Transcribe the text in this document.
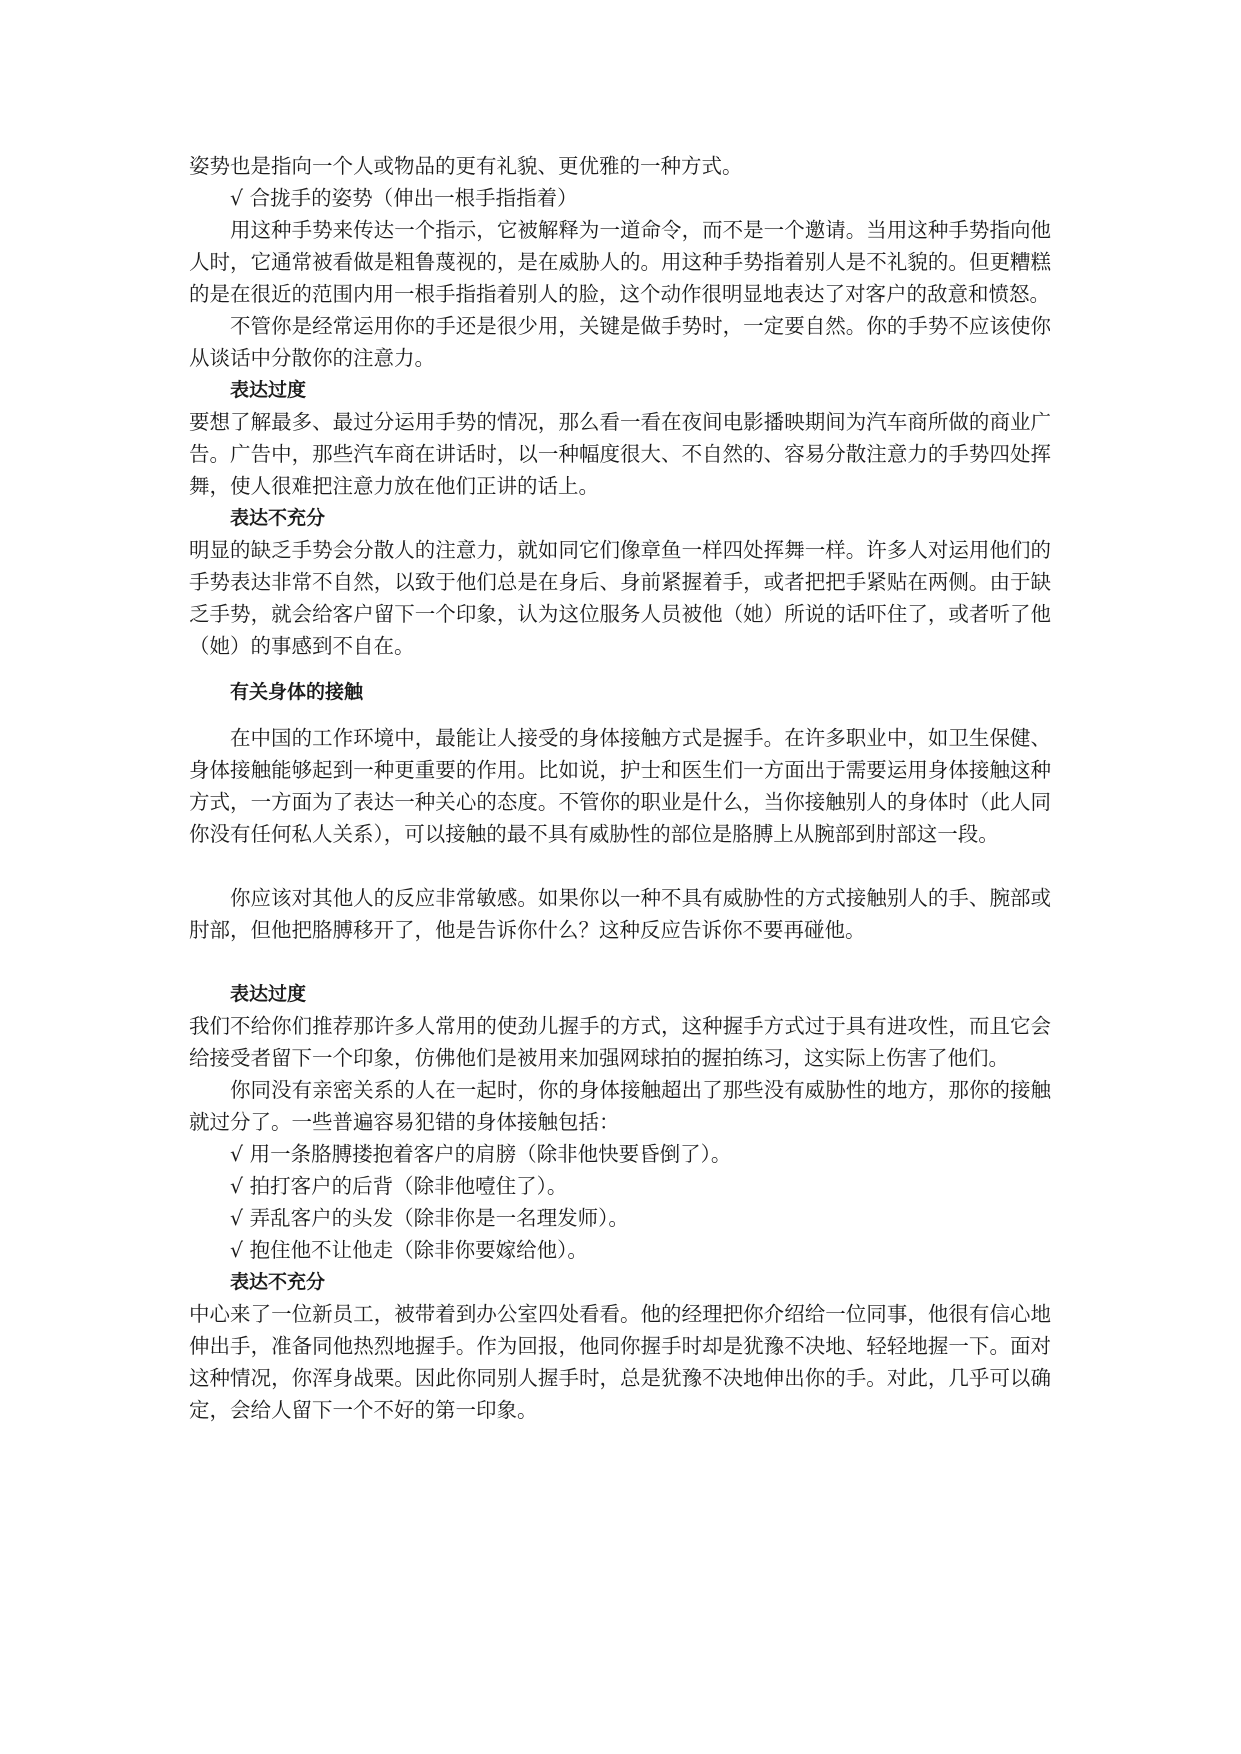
姿势也是指向一个人或物品的更有礼貌、更优雅的一种方式。

√ 合拢手的姿势（伸出一根手指指着）

用这种手势来传达一个指示，它被解释为一道命令，而不是一个邀请。当用这种手势指向他人时，它通常被看做是粗鲁蔑视的，是在威胁人的。用这种手势指着别人是不礼貌的。但更糟糕的是在很近的范围内用一根手指指着别人的脸，这个动作很明显地表达了对客户的敌意和愤怒。

不管你是经常运用你的手还是很少用，关键是做手势时，一定要自然。你的手势不应该使你从谈话中分散你的注意力。

表达过度

要想了解最多、最过分运用手势的情况，那么看一看在夜间电影播映期间为汽车商所做的商业广告。广告中，那些汽车商在讲话时，以一种幅度很大、不自然的、容易分散注意力的手势四处挥舞，使人很难把注意力放在他们正讲的话上。

表达不充分

明显的缺乏手势会分散人的注意力，就如同它们像章鱼一样四处挥舞一样。许多人对运用他们的手势表达非常不自然，以致于他们总是在身后、身前紧握着手，或者把把手紧贴在两侧。由于缺乏手势，就会给客户留下一个印象，认为这位服务人员被他（她）所说的话吓住了，或者听了他（她）的事感到不自在。

有关身体的接触

在中国的工作环境中，最能让人接受的身体接触方式是握手。在许多职业中，如卫生保健、身体接触能够起到一种更重要的作用。比如说，护士和医生们一方面出于需要运用身体接触这种方式，一方面为了表达一种关心的态度。不管你的职业是什么，当你接触别人的身体时（此人同你没有任何私人关系），可以接触的最不具有威胁性的部位是胳膊上从腕部到肘部这一段。

你应该对其他人的反应非常敏感。如果你以一种不具有威胁性的方式接触别人的手、腕部或肘部，但他把胳膊移开了，他是告诉你什么？这种反应告诉你不要再碰他。

表达过度

我们不给你们推荐那许多人常用的使劲儿握手的方式，这种握手方式过于具有进攻性，而且它会给接受者留下一个印象，仿佛他们是被用来加强网球拍的握拍练习，这实际上伤害了他们。

你同没有亲密关系的人在一起时，你的身体接触超出了那些没有威胁性的地方，那你的接触就过分了。一些普遍容易犯错的身体接触包括：

√ 用一条胳膊搂抱着客户的肩膀（除非他快要昏倒了）。

√ 拍打客户的后背（除非他噎住了）。

√ 弄乱客户的头发（除非你是一名理发师）。

√ 抱住他不让他走（除非你要嫁给他）。

表达不充分

中心来了一位新员工，被带着到办公室四处看看。他的经理把你介绍给一位同事，他很有信心地伸出手，准备同他热烈地握手。作为回报，他同你握手时却是犹豫不决地、轻轻地握一下。面对这种情况，你浑身战栗。因此你同别人握手时，总是犹豫不决地伸出你的手。对此，几乎可以确定，会给人留下一个不好的第一印象。
